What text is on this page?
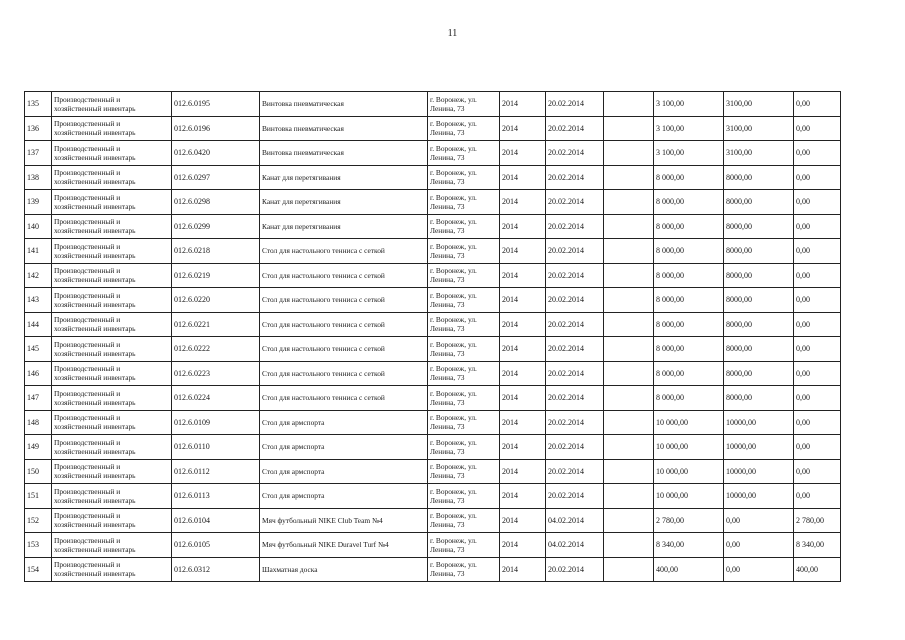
11
135	Производственный и хозяйственный инвентарь	012.6.0195	Винтовка пневматическая	г. Воронеж, ул. Ленина, 73	2014	20.02.2014		3 100,00	3100,00	0,00
136	Производственный и хозяйственный инвентарь	012.6.0196	Винтовка пневматическая	г. Воронеж, ул. Ленина, 73	2014	20.02.2014		3 100,00	3100,00	0,00
137	Производственный и хозяйственный инвентарь	012.6.0420	Винтовка пневматическая	г. Воронеж, ул. Ленина, 73	2014	20.02.2014		3 100,00	3100,00	0,00
138	Производственный и хозяйственный инвентарь	012.6.0297	Канат для перетягивания	г. Воронеж, ул. Ленина, 73	2014	20.02.2014		8 000,00	8000,00	0,00
139	Производственный и хозяйственный инвентарь	012.6.0298	Канат для перетягивания	г. Воронеж, ул. Ленина, 73	2014	20.02.2014		8 000,00	8000,00	0,00
140	Производственный и хозяйственный инвентарь	012.6.0299	Канат для перетягивания	г. Воронеж, ул. Ленина, 73	2014	20.02.2014		8 000,00	8000,00	0,00
141	Производственный и хозяйственный инвентарь	012.6.0218	Стол для настольного тенниса с сеткой	г. Воронеж, ул. Ленина, 73	2014	20.02.2014		8 000,00	8000,00	0,00
142	Производственный и хозяйственный инвентарь	012.6.0219	Стол для настольного тенниса с сеткой	г. Воронеж, ул. Ленина, 73	2014	20.02.2014		8 000,00	8000,00	0,00
143	Производственный и хозяйственный инвентарь	012.6.0220	Стол для настольного тенниса с сеткой	г. Воронеж, ул. Ленина, 73	2014	20.02.2014		8 000,00	8000,00	0,00
144	Производственный и хозяйственный инвентарь	012.6.0221	Стол для настольного тенниса с сеткой	г. Воронеж, ул. Ленина, 73	2014	20.02.2014		8 000,00	8000,00	0,00
145	Производственный и хозяйственный инвентарь	012.6.0222	Стол для настольного тенниса с сеткой	г. Воронеж, ул. Ленина, 73	2014	20.02.2014		8 000,00	8000,00	0,00
146	Производственный и хозяйственный инвентарь	012.6.0223	Стол для настольного тенниса с сеткой	г. Воронеж, ул. Ленина, 73	2014	20.02.2014		8 000,00	8000,00	0,00
147	Производственный и хозяйственный инвентарь	012.6.0224	Стол для настольного тенниса с сеткой	г. Воронеж, ул. Ленина, 73	2014	20.02.2014		8 000,00	8000,00	0,00
148	Производственный и хозяйственный инвентарь	012.6.0109	Стол для армспорта	г. Воронеж, ул. Ленина, 73	2014	20.02.2014		10 000,00	10000,00	0,00
149	Производственный и хозяйственный инвентарь	012.6.0110	Стол для армспорта	г. Воронеж, ул. Ленина, 73	2014	20.02.2014		10 000,00	10000,00	0,00
150	Производственный и хозяйственный инвентарь	012.6.0112	Стол для армспорта	г. Воронеж, ул. Ленина, 73	2014	20.02.2014		10 000,00	10000,00	0,00
151	Производственный и хозяйственный инвентарь	012.6.0113	Стол для армспорта	г. Воронеж, ул. Ленина, 73	2014	20.02.2014		10 000,00	10000,00	0,00
152	Производственный и хозяйственный инвентарь	012.6.0104	Мяч футбольный NIKE Club Team №4	г. Воронеж, ул. Ленина, 73	2014	04.02.2014		2 780,00	0,00	2 780,00
153	Производственный и хозяйственный инвентарь	012.6.0105	Мяч футбольный NIKE Duravel Turf №4	г. Воронеж, ул. Ленина, 73	2014	04.02.2014		8 340,00	0,00	8 340,00
154	Производственный и хозяйственный инвентарь	012.6.0312	Шахматная доска	г. Воронеж, ул. Ленина, 73	2014	20.02.2014		400,00	0,00	400,00
